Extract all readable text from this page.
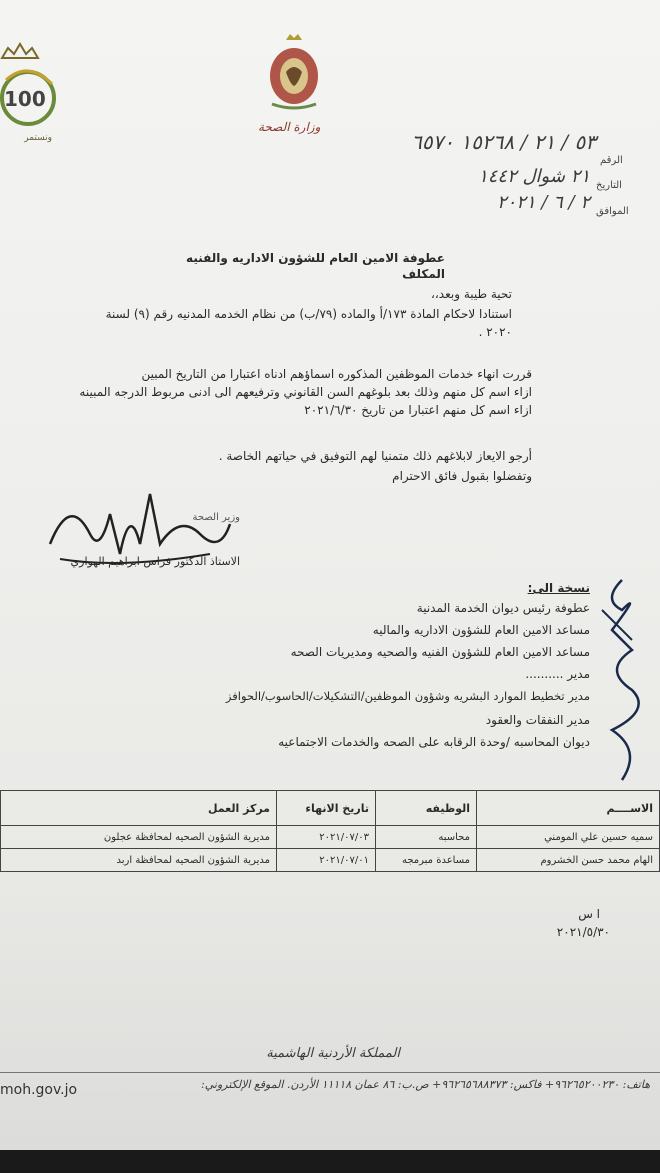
100
ونستمر
وزارة الصحة
الرقم
٥٣ / ٢١ / ١٥٢٦٨ ٦٥٧٠
التاريخ
٢١ شوال ١٤٤٢
الموافق
٢ / ٦ / ٢٠٢١
عطوفة الامين العام للشؤون الاداريه والفنيه المكلف
تحية طيبة وبعد،،
استنادا لاحكام المادة ١٧٣/أ والماده (٧٩/ب) من نظام الخدمه المدنيه رقم (٩) لسنة
٢٠٢٠ .
قررت انهاء خدمات الموظفين المذكوره اسماؤهم ادناه اعتبارا من التاريخ المبين
ازاء اسم كل منهم وذلك بعد بلوغهم السن القانوني وترفيعهم الى ادنى مربوط الدرجه المبينه
ازاء اسم كل منهم اعتبارا من تاريخ ٢٠٢١/٦/٣٠
أرجو الايعاز لابلاغهم ذلك متمنيا لهم التوفيق في حياتهم الخاصة .
وتفضلوا بقبول فائق الاحترام
وزير الصحة
الاستاذ الدكتور فراس ابراهيم الهواري
نسخة الى:
عطوفة رئيس ديوان الخدمة المدنية
مساعد الامين العام للشؤون الاداريه والماليه
مساعد الامين العام للشؤون الفنيه والصحيه ومديريات الصحه
مدير ..........
مدير تخطيط الموارد البشريه وشؤون الموظفين/التشكيلات/الحاسوب/الحوافز
مدير النفقات والعقود
ديوان المحاسبه /وحدة الرقابه على الصحه والخدمات الاجتماعيه
الاســــم	الوظيفه	تاريخ الانهاء	مركز العمل
سميه حسين علي المومني	محاسبه	٢٠٢١/٠٧/٠٣	مديرية الشؤون الصحيه لمحافظة عجلون
الهام محمد حسن الخشروم	مساعدة مبرمجه	٢٠٢١/٠٧/٠١	مديرية الشؤون الصحيه لمحافظة اربد
ا س
٢٠٢١/٥/٣٠
المملكة الأردنية الهاشمية
هاتف: ٩٦٢٦٥٢٠٠٢٣٠+ فاكس: ٩٦٢٦٥٦٨٨٣٧٣+ ص.ب: ٨٦ عمان ١١١١٨ الأردن. الموقع الإلكتروني:
moh.gov.jo
